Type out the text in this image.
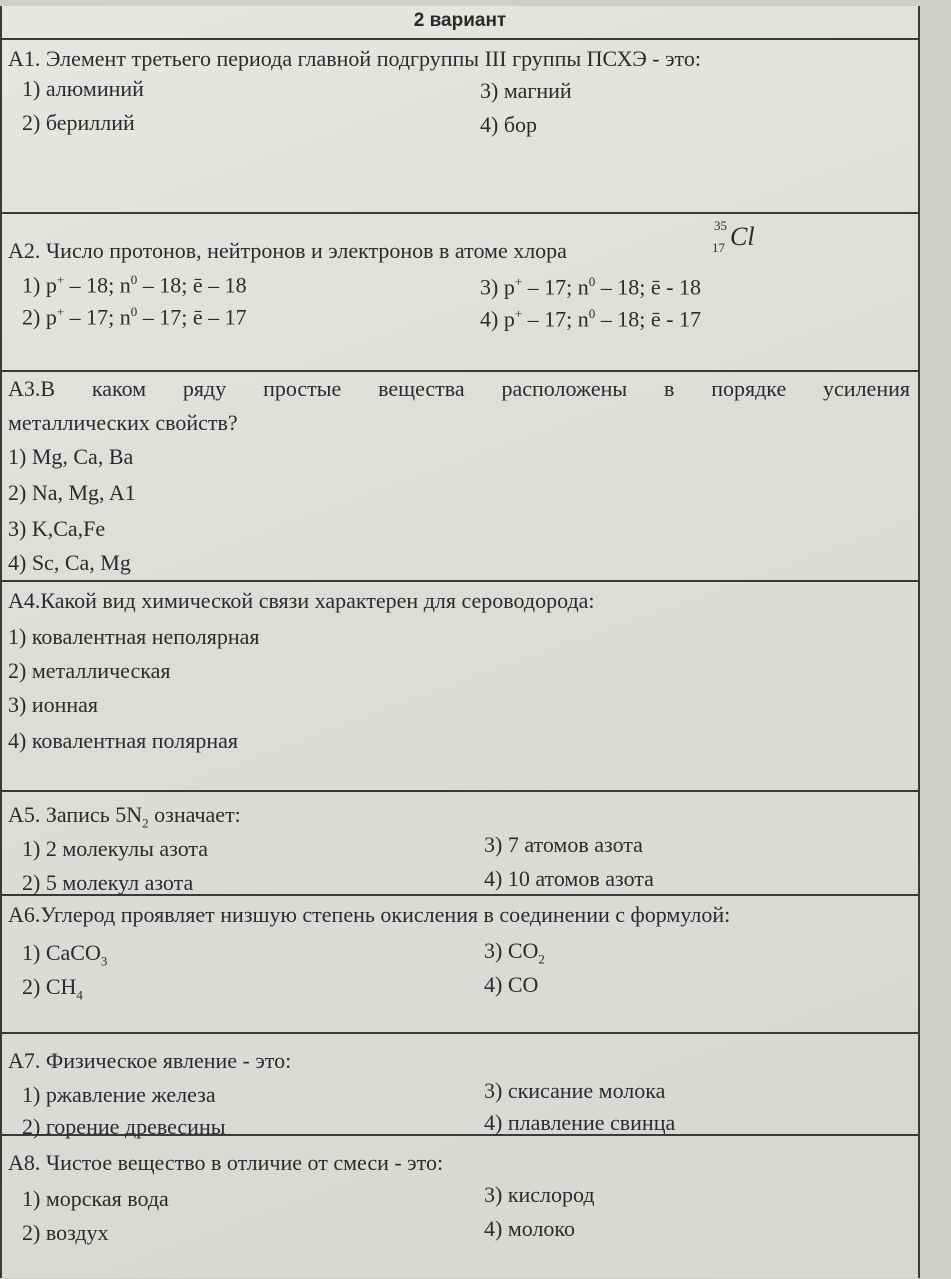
2 вариант
А1. Элемент третьего периода главной подгруппы III группы ПСХЭ - это:
1) алюминий
2) бериллий
3) магний
4) бор
А2. Число протонов, нейтронов и электронов в атоме хлора
35
17 Cl
1) p+ – 18; $n^0 - 18$; ē – 18
2) p+ – 17; $n^0 - 17$; ē – 17
3) p+ – 17; $n^0 - 18$; ē - 18
4) p+ – 17; $n^0 - 18$; ē - 17
А3.В каком ряду простые вещества расположены в порядке усиления
металлических свойств?
1) Mg, Ca, Ba
2) Na, Mg, A1
3) K,Ca,Fe
4) Sc, Ca, Mg
А4.Какой вид химической связи характерен для сероводорода:
1) ковалентная неполярная
2) металлическая
3) ионная
4) ковалентная полярная
А5. Запись $5N_2$ означает:
1) 2 молекулы азота
2) 5 молекул азота
3) 7 атомов азота
4) 10 атомов азота
А6.Углерод проявляет низшую степень окисления в соединении с формулой:
1) CaCO$_3$
2) $CH_4$
3) $CO_2$
4) CO
А7. Физическое явление - это:
1) ржавление железа
2) горение древесины
3) скисание молока
4) плавление свинца
А8. Чистое вещество в отличие от смеси - это:
1) морская вода
2) воздух
3) кислород
4) молоко
